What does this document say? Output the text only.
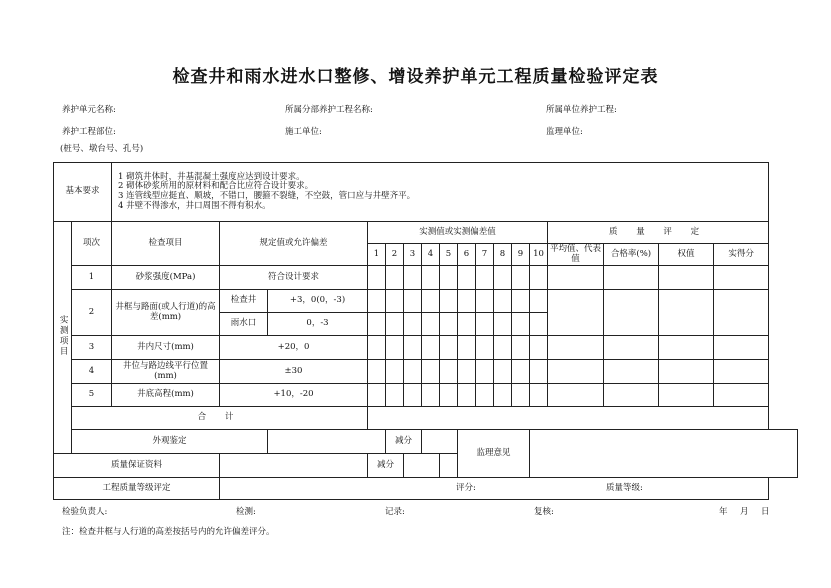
检查井和雨水进水口整修、增设养护单元工程质量检验评定表
养护单元名称:	所属分部养护工程名称:	所属单位养护工程:
养护工程部位:	施工单位:	监理单位:
(桩号、墩台号、孔号)
基本要求		1 砌筑井体时，井基混凝土强度应达到设计要求。
2 砌体砂浆所用的原材料和配合比应符合设计要求。
3 连管线型应挺直、顺坡，不错口，腰箍不裂缝，不空鼓，管口应与井壁齐平。
4 井壁不得渗水，井口周围不得有积水。																

实测项目	项次	检查项目	规定值或允许偏差		实测值或实测偏差值										质 量 评 定			
					1	2	3	4	5	6	7	8	9	10	平均值、代表值	合格率(%)	权值	实得分
	1	砂浆强度(MPa)	符合设计要求															
	2	井框与路面(或人行道)的高差(mm)	检查井	+3，0(0，-3)														
			雨水口	0，-3														
	3	井内尺寸(mm)	+20，0															
	4	井位与路边线平行位置(mm)	±30															
	5	井底高程(mm)	+10，-20															
	合 计																	
	外观鉴定					减分				监理意见								
质量保证资料					减分													
工程质量等级评定			评分: 质量等级:															
检验负责人:	检测:	记录:	复核:	年 月 日
注：检查井框与人行道的高差按括号内的允许偏差评分。
